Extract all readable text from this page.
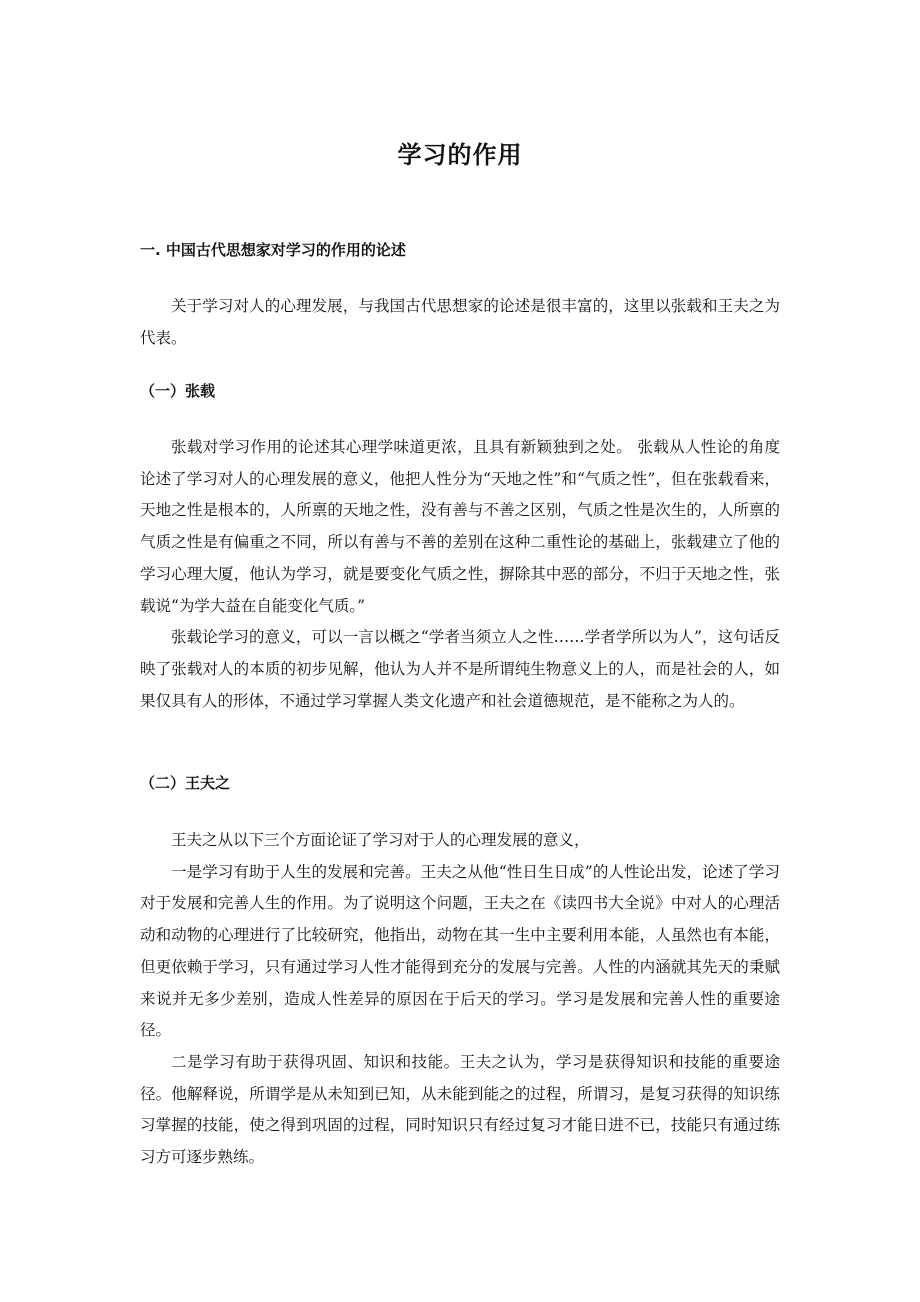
学习的作用
一. 中国古代思想家对学习的作用的论述

关于学习对人的心理发展，与我国古代思想家的论述是很丰富的，这里以张载和王夫之为代表。

（一）张载

张载对学习作用的论述其心理学味道更浓，且具有新颖独到之处。 张载从人性论的角度论述了学习对人的心理发展的意义，他把人性分为“天地之性”和“气质之性”，但在张载看来，天地之性是根本的，人所禀的天地之性，没有善与不善之区别，气质之性是次生的，人所禀的气质之性是有偏重之不同，所以有善与不善的差别在这种二重性论的基础上，张载建立了他的学习心理大厦，他认为学习，就是要变化气质之性，摒除其中恶的部分，不归于天地之性，张载说“为学大益在自能变化气质。”

张载论学习的意义，可以一言以概之“学者当须立人之性……学者学所以为人”，这句话反映了张载对人的本质的初步见解，他认为人并不是所谓纯生物意义上的人，而是社会的人，如果仅具有人的形体，不通过学习掌握人类文化遗产和社会道德规范，是不能称之为人的。

（二）王夫之

王夫之从以下三个方面论证了学习对于人的心理发展的意义，

一是学习有助于人生的发展和完善。王夫之从他“性日生日成”的人性论出发，论述了学习对于发展和完善人生的作用。为了说明这个问题，王夫之在《读四书大全说》中对人的心理活动和动物的心理进行了比较研究，他指出，动物在其一生中主要利用本能，人虽然也有本能，但更依赖于学习，只有通过学习人性才能得到充分的发展与完善。人性的内涵就其先天的秉赋来说并无多少差别，造成人性差异的原因在于后天的学习。学习是发展和完善人性的重要途径。

二是学习有助于获得巩固、知识和技能。王夫之认为，学习是获得知识和技能的重要途径。他解释说，所谓学是从未知到已知，从未能到能之的过程，所谓习，是复习获得的知识练习掌握的技能，使之得到巩固的过程，同时知识只有经过复习才能日进不已，技能只有通过练习方可逐步熟练。
